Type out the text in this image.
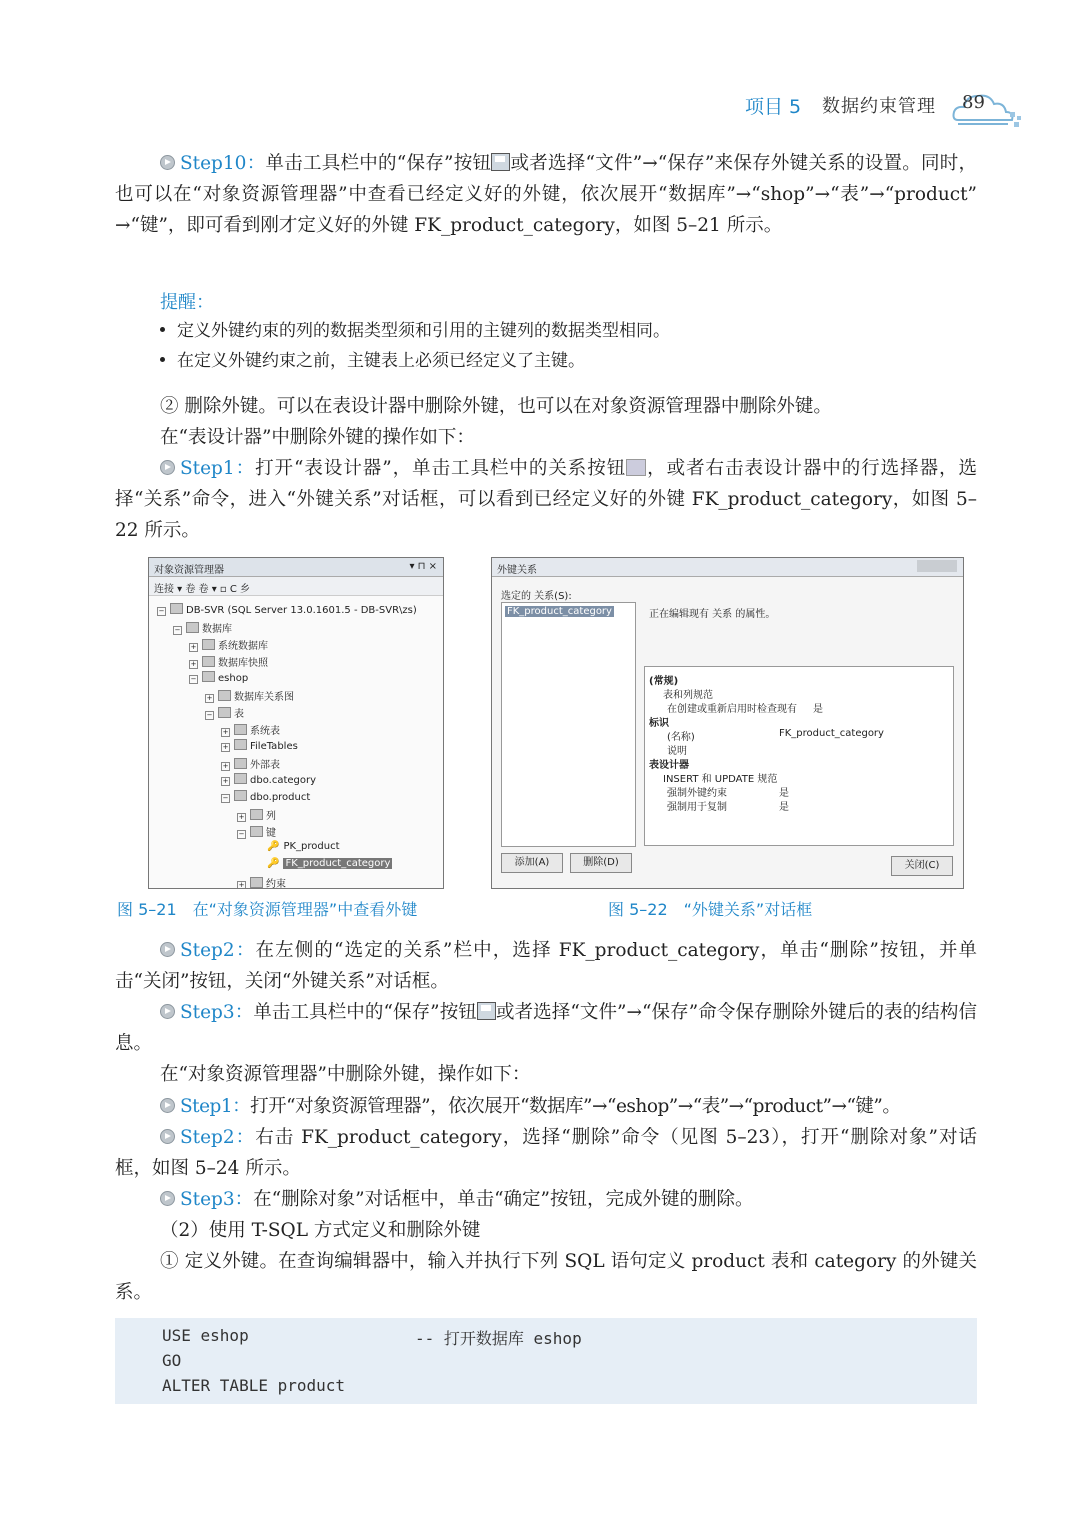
项目 5 数据约束管理 89
Step10：单击工具栏中的“保存”按钮 或者选择“文件”→“保存”来保存外键关系的设置。同时，也可以在“对象资源管理器”中查看已经定义好的外键，依次展开“数据库”→“shop”→“表”→“product” →“键”，即可看到刚才定义好的外键 FK_product_category，如图 5–21 所示。
提醒：
定义外键约束的列的数据类型须和引用的主键列的数据类型相同。
在定义外键约束之前，主键表上必须已经定义了主键。
② 删除外键。可以在表设计器中删除外键，也可以在对象资源管理器中删除外键。
在“表设计器”中删除外键的操作如下：
Step1：打开“表设计器”，单击工具栏中的关系按钮 ，或者右击表设计器中的行选择器，选择“关系”命令，进入“外键关系”对话框，可以看到已经定义好的外键 FK_product_category，如图 5–22 所示。
对象资源管理器	▾ ⊓ ×
连接 ▾ 卷 卷 ▾ ▫ C 乡
− DB-SVR (SQL Server 13.0.1601.5 - DB-SVR\zs)
− 数据库
+ 系统数据库
+ 数据库快照
− eshop
+ 数据库关系图
− 表
+ 系统表
+ FileTables
+ 外部表
+ dbo.category
− dbo.product
+ 列
− 键
🔑 PK_product
🔑 FK_product_category
+ 约束
外键关系
选定的 关系(S):
FK_product_category	正在编辑现有 关系 的属性。
(常规)
表和列规范
在创建或重新启用时检查现有 是
标识
(名称)	FK_product_category
说明
表设计器
INSERT 和 UPDATE 规范
强制外键约束	是
强制用于复制	是
添加(A)	删除(D)	关闭(C)
图 5–21　在“对象资源管理器”中查看外键	图 5–22　“外键关系”对话框
Step2：在左侧的“选定的关系”栏中，选择 FK_product_category，单击“删除”按钮，并单击“关闭”按钮，关闭“外键关系”对话框。
Step3：单击工具栏中的“保存”按钮 或者选择“文件”→“保存”命令保存删除外键后的表的结构信息。
在“对象资源管理器”中删除外键，操作如下：
Step1：打开“对象资源管理器”，依次展开“数据库”→“eshop”→“表”→“product”→“键”。
Step2：右击 FK_product_category，选择“删除”命令（见图 5–23），打开“删除对象”对话框，如图 5–24 所示。
Step3：在“删除对象”对话框中，单击“确定”按钮，完成外键的删除。
（2）使用 T-SQL 方式定义和删除外键
① 定义外键。在查询编辑器中，输入并执行下列 SQL 语句定义 product 表和 category 的外键关系。
USE eshop	-- 打开数据库 eshop
GO
ALTER TABLE product
